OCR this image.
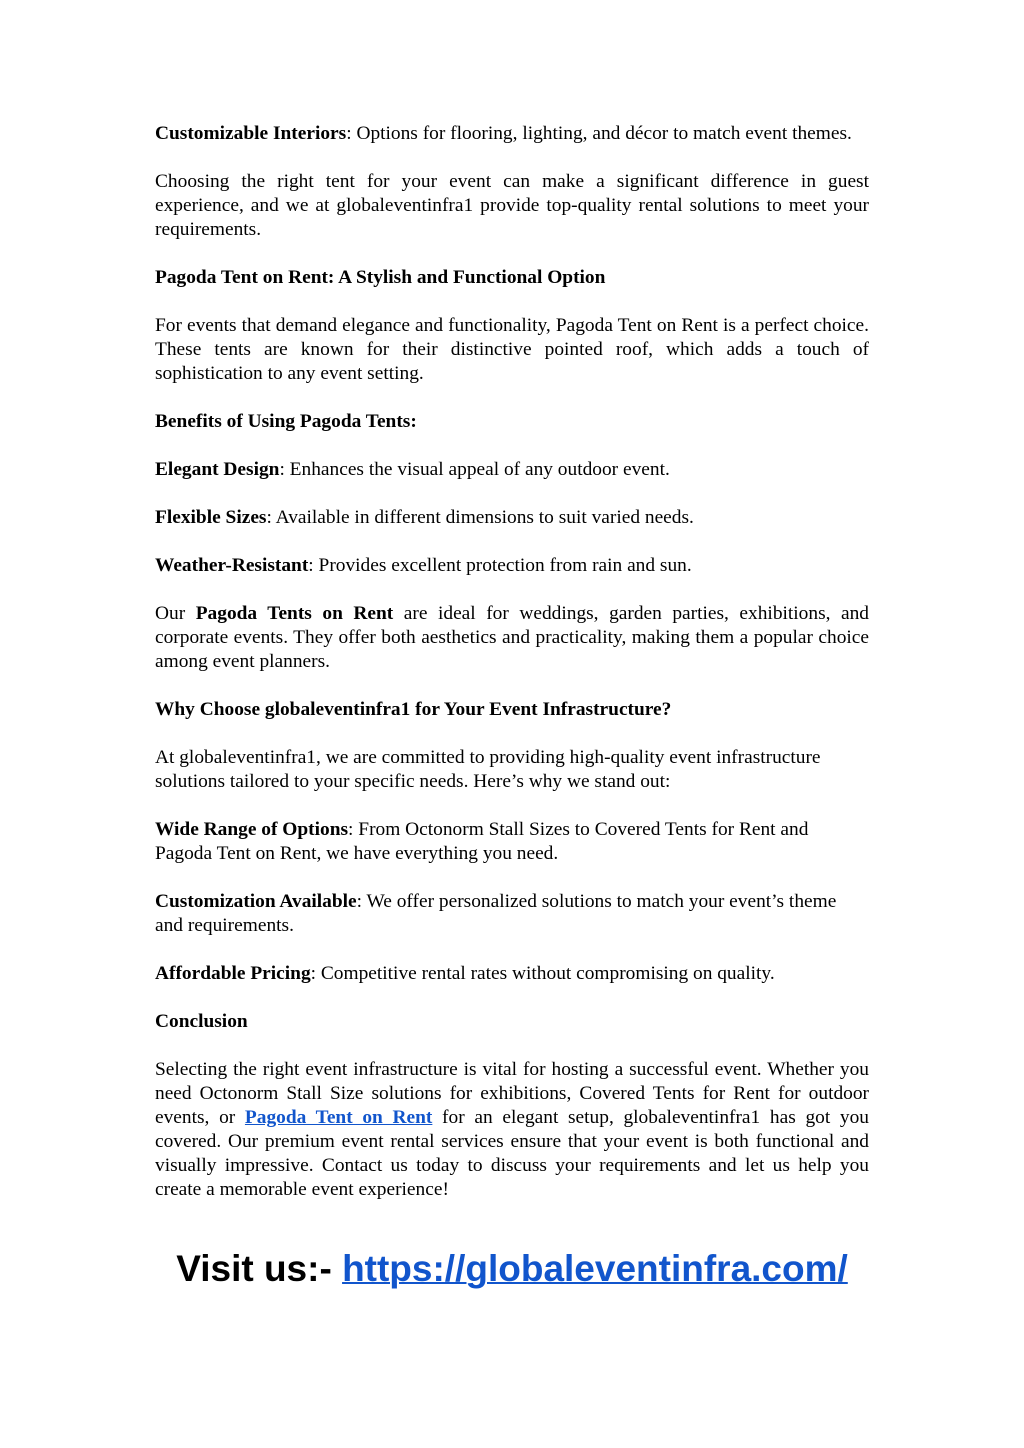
Customizable Interiors: Options for flooring, lighting, and décor to match event themes.

Choosing the right tent for your event can make a significant difference in guest experience, and we at globaleventinfra1 provide top-quality rental solutions to meet your requirements.

Pagoda Tent on Rent: A Stylish and Functional Option

For events that demand elegance and functionality, Pagoda Tent on Rent is a perfect choice. These tents are known for their distinctive pointed roof, which adds a touch of sophistication to any event setting.

Benefits of Using Pagoda Tents:

Elegant Design: Enhances the visual appeal of any outdoor event.

Flexible Sizes: Available in different dimensions to suit varied needs.

Weather-Resistant: Provides excellent protection from rain and sun.

Our Pagoda Tents on Rent are ideal for weddings, garden parties, exhibitions, and corporate events. They offer both aesthetics and practicality, making them a popular choice among event planners.

Why Choose globaleventinfra1 for Your Event Infrastructure?

At globaleventinfra1, we are committed to providing high-quality event infrastructure solutions tailored to your specific needs. Here’s why we stand out:

Wide Range of Options: From Octonorm Stall Sizes to Covered Tents for Rent and Pagoda Tent on Rent, we have everything you need.

Customization Available: We offer personalized solutions to match your event’s theme and requirements.

Affordable Pricing: Competitive rental rates without compromising on quality.

Conclusion

Selecting the right event infrastructure is vital for hosting a successful event. Whether you need Octonorm Stall Size solutions for exhibitions, Covered Tents for Rent for outdoor events, or Pagoda Tent on Rent for an elegant setup, globaleventinfra1 has got you covered. Our premium event rental services ensure that your event is both functional and visually impressive. Contact us today to discuss your requirements and let us help you create a memorable event experience!

Visit us:- https://globaleventinfra.com/
